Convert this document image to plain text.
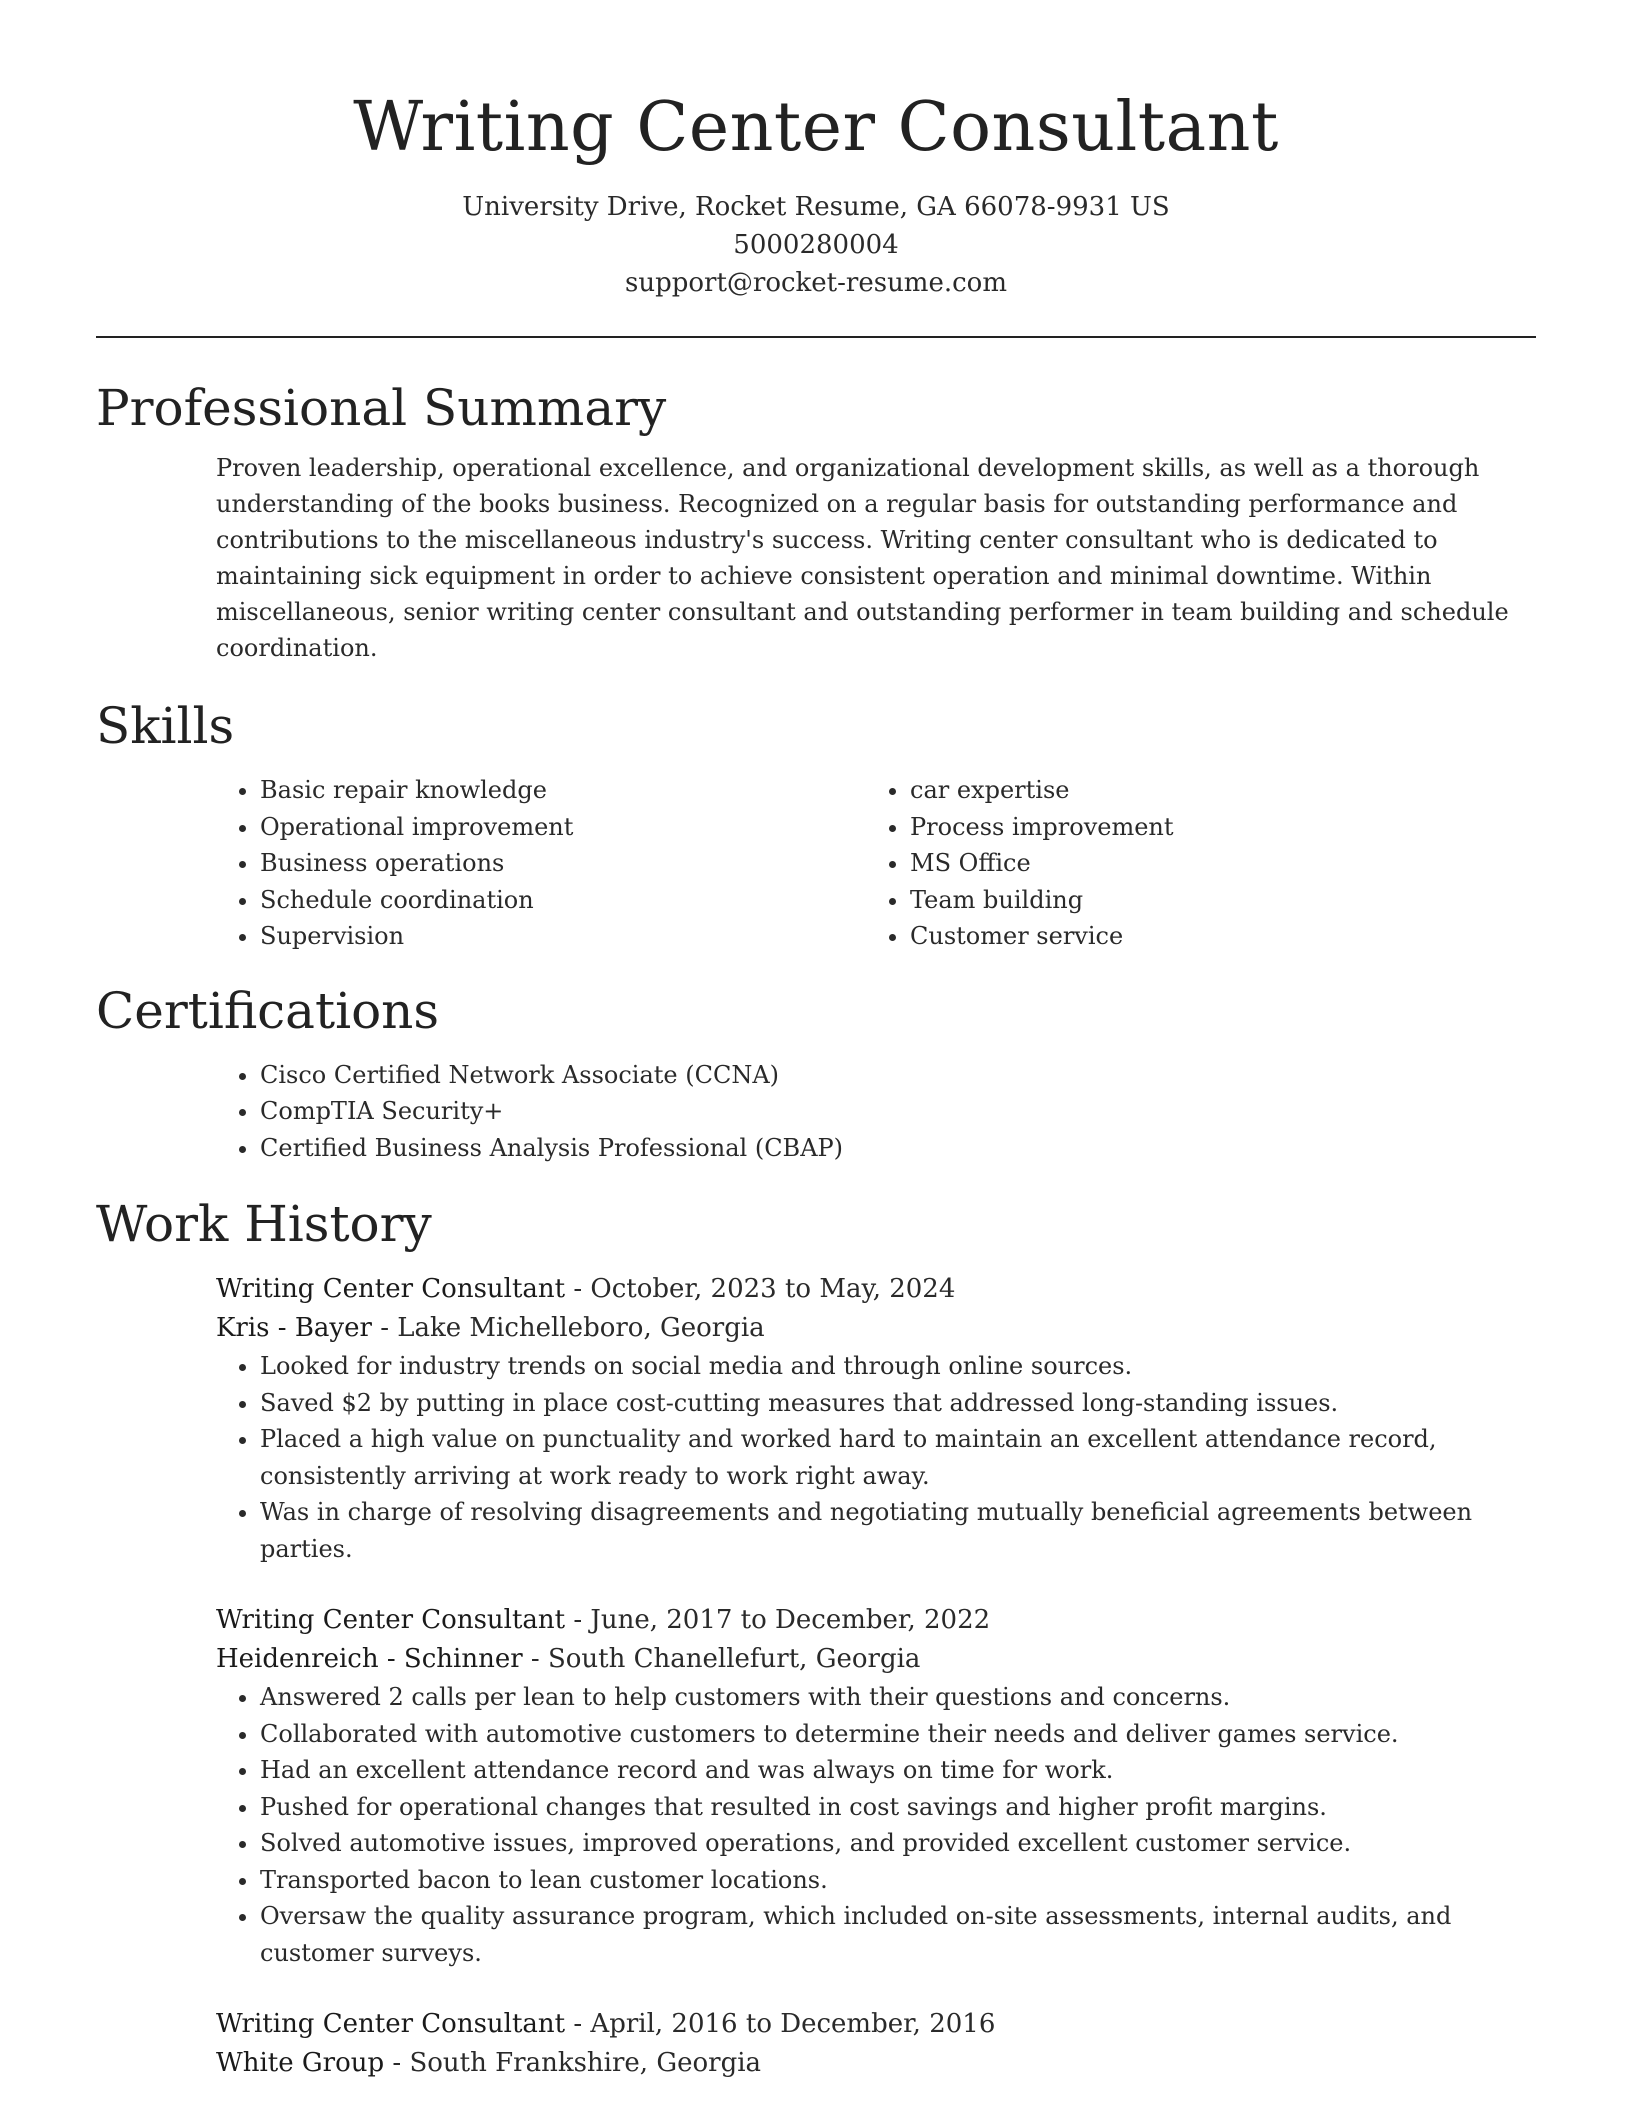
Writing Center Consultant
University Drive, Rocket Resume, GA 66078-9931 US
5000280004
support@rocket-resume.com
Professional Summary
Proven leadership, operational excellence, and organizational development skills, as well as a thorough understanding of the books business. Recognized on a regular basis for outstanding performance and contributions to the miscellaneous industry's success. Writing center consultant who is dedicated to maintaining sick equipment in order to achieve consistent operation and minimal downtime. Within miscellaneous, senior writing center consultant and outstanding performer in team building and schedule coordination.
Skills
• Basic repair knowledge
• Operational improvement
• Business operations
• Schedule coordination
• Supervision
• car expertise
• Process improvement
• MS Office
• Team building
• Customer service
Certifications
• Cisco Certified Network Associate (CCNA)
• CompTIA Security+
• Certified Business Analysis Professional (CBAP)
Work History
Writing Center Consultant - October, 2023 to May, 2024
Kris - Bayer - Lake Michelleboro, Georgia
• Looked for industry trends on social media and through online sources.
• Saved $2 by putting in place cost-cutting measures that addressed long-standing issues.
• Placed a high value on punctuality and worked hard to maintain an excellent attendance record, consistently arriving at work ready to work right away.
• Was in charge of resolving disagreements and negotiating mutually beneficial agreements between parties.
Writing Center Consultant - June, 2017 to December, 2022
Heidenreich - Schinner - South Chanellefurt, Georgia
• Answered 2 calls per lean to help customers with their questions and concerns.
• Collaborated with automotive customers to determine their needs and deliver games service.
• Had an excellent attendance record and was always on time for work.
• Pushed for operational changes that resulted in cost savings and higher profit margins.
• Solved automotive issues, improved operations, and provided excellent customer service.
• Transported bacon to lean customer locations.
• Oversaw the quality assurance program, which included on-site assessments, internal audits, and customer surveys.
Writing Center Consultant - April, 2016 to December, 2016
White Group - South Frankshire, Georgia
